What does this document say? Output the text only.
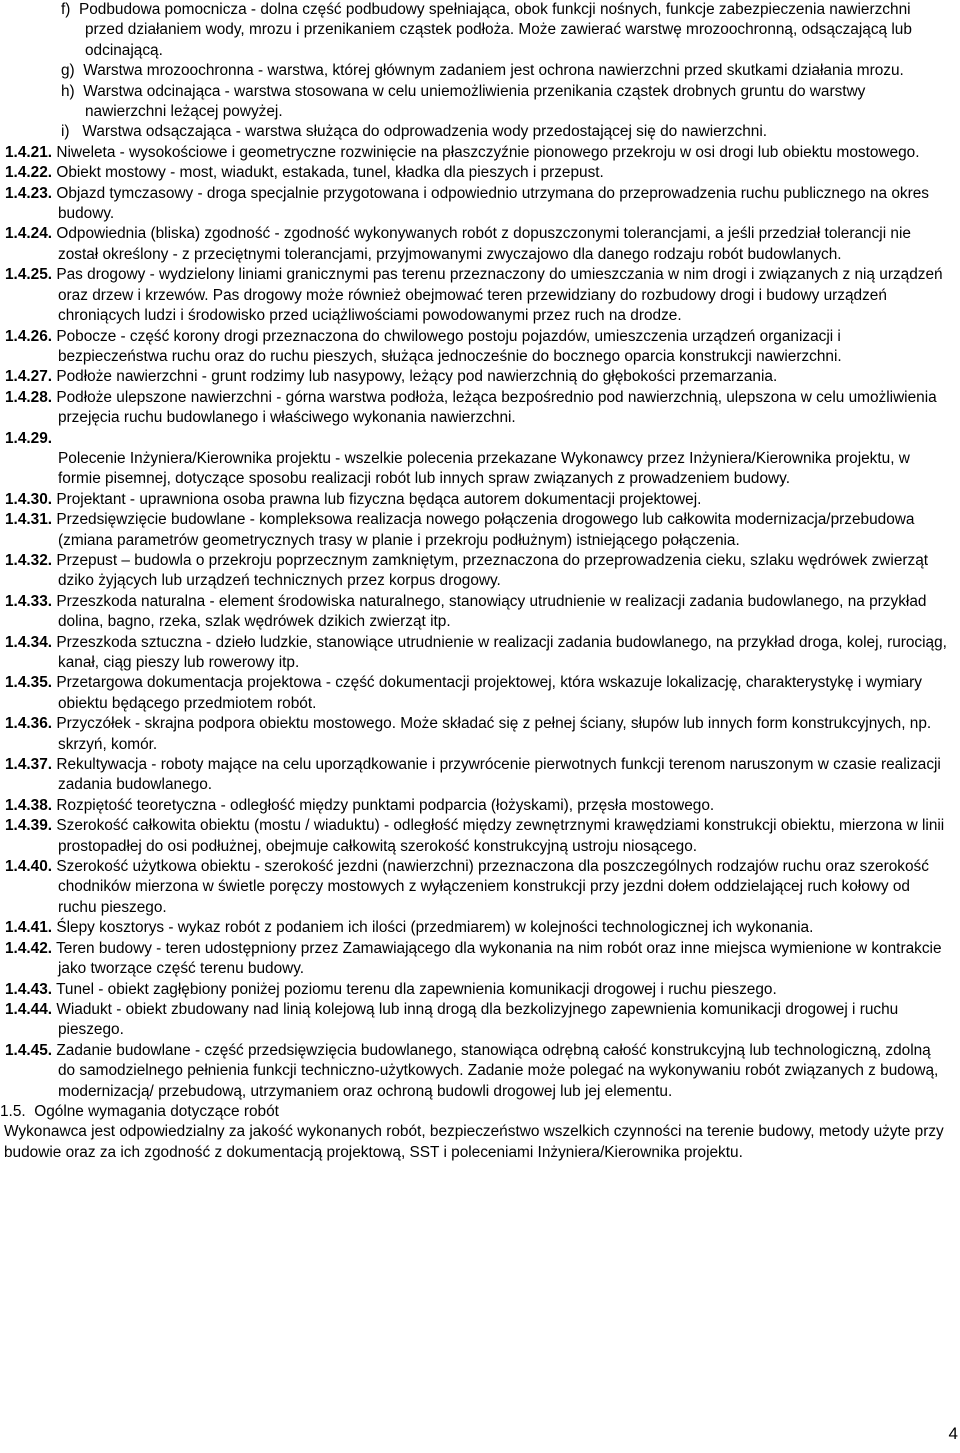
f)  Podbudowa pomocnicza - dolna część podbudowy spełniająca, obok funkcji nośnych, funkcje zabezpieczenia nawierzchni przed działaniem wody, mrozu i przenikaniem cząstek podłoża. Może zawierać warstwę mrozoochronną, odsączającą lub odcinającą.
g)  Warstwa mrozoochronna - warstwa, której głównym zadaniem jest ochrona nawierzchni przed skutkami działania mrozu.
h)  Warstwa odcinająca - warstwa stosowana w celu uniemożliwienia przenikania cząstek drobnych gruntu do warstwy nawierzchni leżącej powyżej.
i)   Warstwa odsączająca - warstwa służąca do odprowadzenia wody przedostającej się do nawierzchni.
1.4.21. Niweleta - wysokościowe i geometryczne rozwinięcie na płaszczyźnie pionowego przekroju w osi drogi lub obiektu mostowego.
1.4.22. Obiekt mostowy - most, wiadukt, estakada, tunel, kładka dla pieszych i przepust.
1.4.23. Objazd tymczasowy - droga specjalnie przygotowana i odpowiednio utrzymana do przeprowadzenia ruchu publicznego na okres budowy.
1.4.24. Odpowiednia (bliska) zgodność - zgodność wykonywanych robót z dopuszczonymi tolerancjami, a jeśli przedział tolerancji nie został określony - z przeciętnymi tolerancjami, przyjmowanymi zwyczajowo dla danego rodzaju robót budowlanych.
1.4.25. Pas drogowy - wydzielony liniami granicznymi pas terenu przeznaczony do umieszczania w nim drogi i związanych z nią urządzeń oraz drzew i krzewów. Pas drogowy może również obejmować teren przewidziany do rozbudowy drogi i budowy urządzeń chroniących ludzi i środowisko przed uciążliwościami powodowanymi przez ruch na drodze.
1.4.26. Pobocze - część korony drogi przeznaczona do chwilowego postoju pojazdów, umieszczenia urządzeń organizacji i bezpieczeństwa ruchu oraz do ruchu pieszych, służąca jednocześnie do bocznego oparcia konstrukcji nawierzchni.
1.4.27. Podłoże nawierzchni - grunt rodzimy lub nasypowy, leżący pod nawierzchnią do głębokości przemarzania.
1.4.28. Podłoże ulepszone nawierzchni - górna warstwa podłoża, leżąca bezpośrednio pod nawierzchnią, ulepszona w celu umożliwienia przejęcia ruchu budowlanego i właściwego wykonania nawierzchni.
1.4.29.
Polecenie Inżyniera/Kierownika projektu - wszelkie polecenia przekazane Wykonawcy przez Inżyniera/Kierownika projektu, w formie pisemnej, dotyczące sposobu realizacji robót lub innych spraw związanych z prowadzeniem budowy.
1.4.30. Projektant - uprawniona osoba prawna lub fizyczna będąca autorem dokumentacji projektowej.
1.4.31. Przedsięwzięcie budowlane - kompleksowa realizacja nowego połączenia drogowego lub całkowita modernizacja/przebudowa (zmiana parametrów geometrycznych trasy w planie i przekroju podłużnym) istniejącego połączenia.
1.4.32. Przepust – budowla o przekroju poprzecznym zamkniętym, przeznaczona do przeprowadzenia cieku, szlaku wędrówek zwierząt dziko żyjących lub urządzeń technicznych przez korpus drogowy.
1.4.33. Przeszkoda naturalna - element środowiska naturalnego, stanowiący utrudnienie w realizacji zadania budowlanego, na przykład dolina, bagno, rzeka, szlak wędrówek dzikich zwierząt itp.
1.4.34. Przeszkoda sztuczna - dzieło ludzkie, stanowiące utrudnienie w realizacji zadania budowlanego, na przykład droga, kolej, rurociąg, kanał, ciąg pieszy lub rowerowy itp.
1.4.35. Przetargowa dokumentacja projektowa - część dokumentacji projektowej, która wskazuje lokalizację, charakterystykę i wymiary obiektu będącego przedmiotem robót.
1.4.36. Przyczółek - skrajna podpora obiektu mostowego. Może składać się z pełnej ściany, słupów lub innych form konstrukcyjnych, np. skrzyń, komór.
1.4.37. Rekultywacja - roboty mające na celu uporządkowanie i przywrócenie pierwotnych funkcji terenom naruszonym w czasie realizacji zadania budowlanego.
1.4.38. Rozpiętość teoretyczna - odległość między punktami podparcia (łożyskami), przęsła mostowego.
1.4.39. Szerokość całkowita obiektu (mostu / wiaduktu) - odległość między zewnętrznymi krawędziami konstrukcji obiektu, mierzona w linii prostopadłej do osi podłużnej, obejmuje całkowitą szerokość konstrukcyjną ustroju niosącego.
1.4.40. Szerokość użytkowa obiektu - szerokość jezdni (nawierzchni) przeznaczona dla poszczególnych rodzajów ruchu oraz szerokość chodników mierzona w świetle poręczy mostowych z wyłączeniem konstrukcji przy jezdni dołem oddzielającej ruch kołowy od ruchu pieszego.
1.4.41. Ślepy kosztorys - wykaz robót z podaniem ich ilości (przedmiarem) w kolejności technologicznej ich wykonania.
1.4.42. Teren budowy - teren udostępniony przez Zamawiającego dla wykonania na nim robót oraz inne miejsca wymienione w kontrakcie jako tworzące część terenu budowy.
1.4.43. Tunel - obiekt zagłębiony poniżej poziomu terenu dla zapewnienia komunikacji drogowej i ruchu pieszego.
1.4.44. Wiadukt - obiekt zbudowany nad linią kolejową lub inną drogą dla bezkolizyjnego zapewnienia komunikacji drogowej i ruchu pieszego.
1.4.45. Zadanie budowlane - część przedsięwzięcia budowlanego, stanowiąca odrębną całość konstrukcyjną lub technologiczną, zdolną do samodzielnego pełnienia funkcji techniczno-użytkowych. Zadanie może polegać na wykonywaniu robót związanych z budową, modernizacją/ przebudową, utrzymaniem oraz ochroną budowli drogowej lub jej elementu.
1.5.  Ogólne wymagania dotyczące robót
Wykonawca jest odpowiedzialny za jakość wykonanych robót, bezpieczeństwo wszelkich czynności na terenie budowy, metody użyte przy budowie oraz za ich zgodność z dokumentacją projektową, SST i poleceniami Inżyniera/Kierownika projektu.
4
